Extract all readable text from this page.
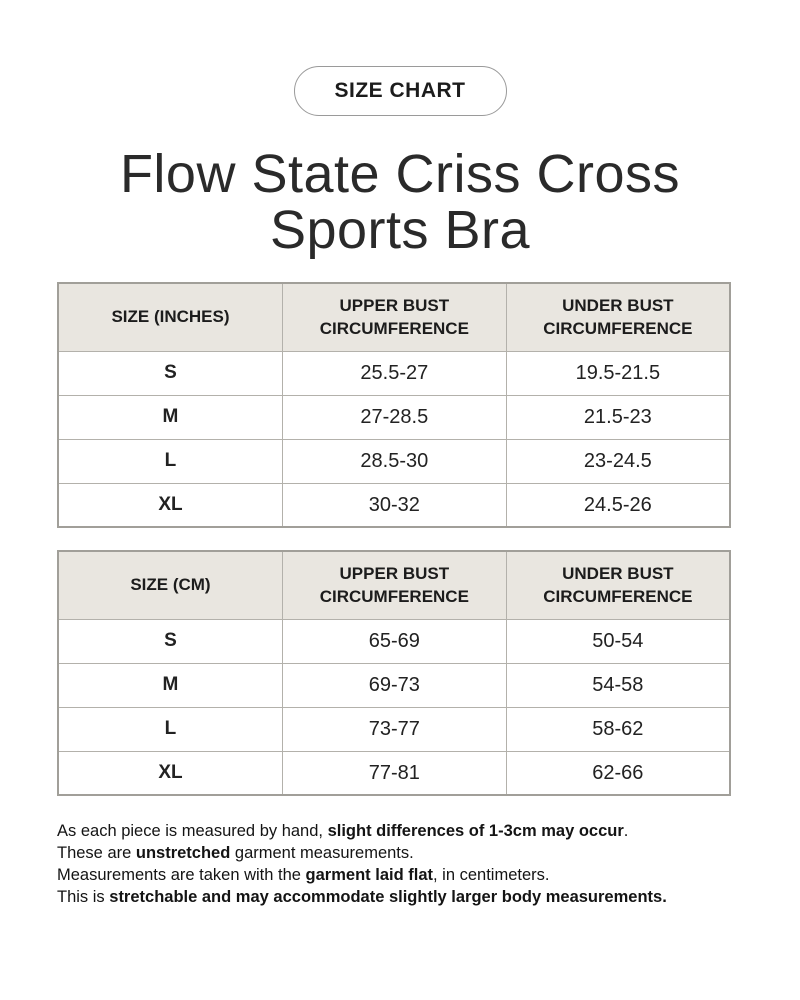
SIZE CHART
Flow State Criss Cross
Sports Bra
SIZE (INCHES)	UPPER BUST CIRCUMFERENCE	UNDER BUST CIRCUMFERENCE
S	25.5-27	19.5-21.5
M	27-28.5	21.5-23
L	28.5-30	23-24.5
XL	30-32	24.5-26
SIZE (CM)	UPPER BUST CIRCUMFERENCE	UNDER BUST CIRCUMFERENCE
S	65-69	50-54
M	69-73	54-58
L	73-77	58-62
XL	77-81	62-66

As each piece is measured by hand, slight differences of 1-3cm may occur.

These are unstretched garment measurements.

Measurements are taken with the garment laid flat, in centimeters.

This is stretchable and may accommodate slightly larger body measurements.
